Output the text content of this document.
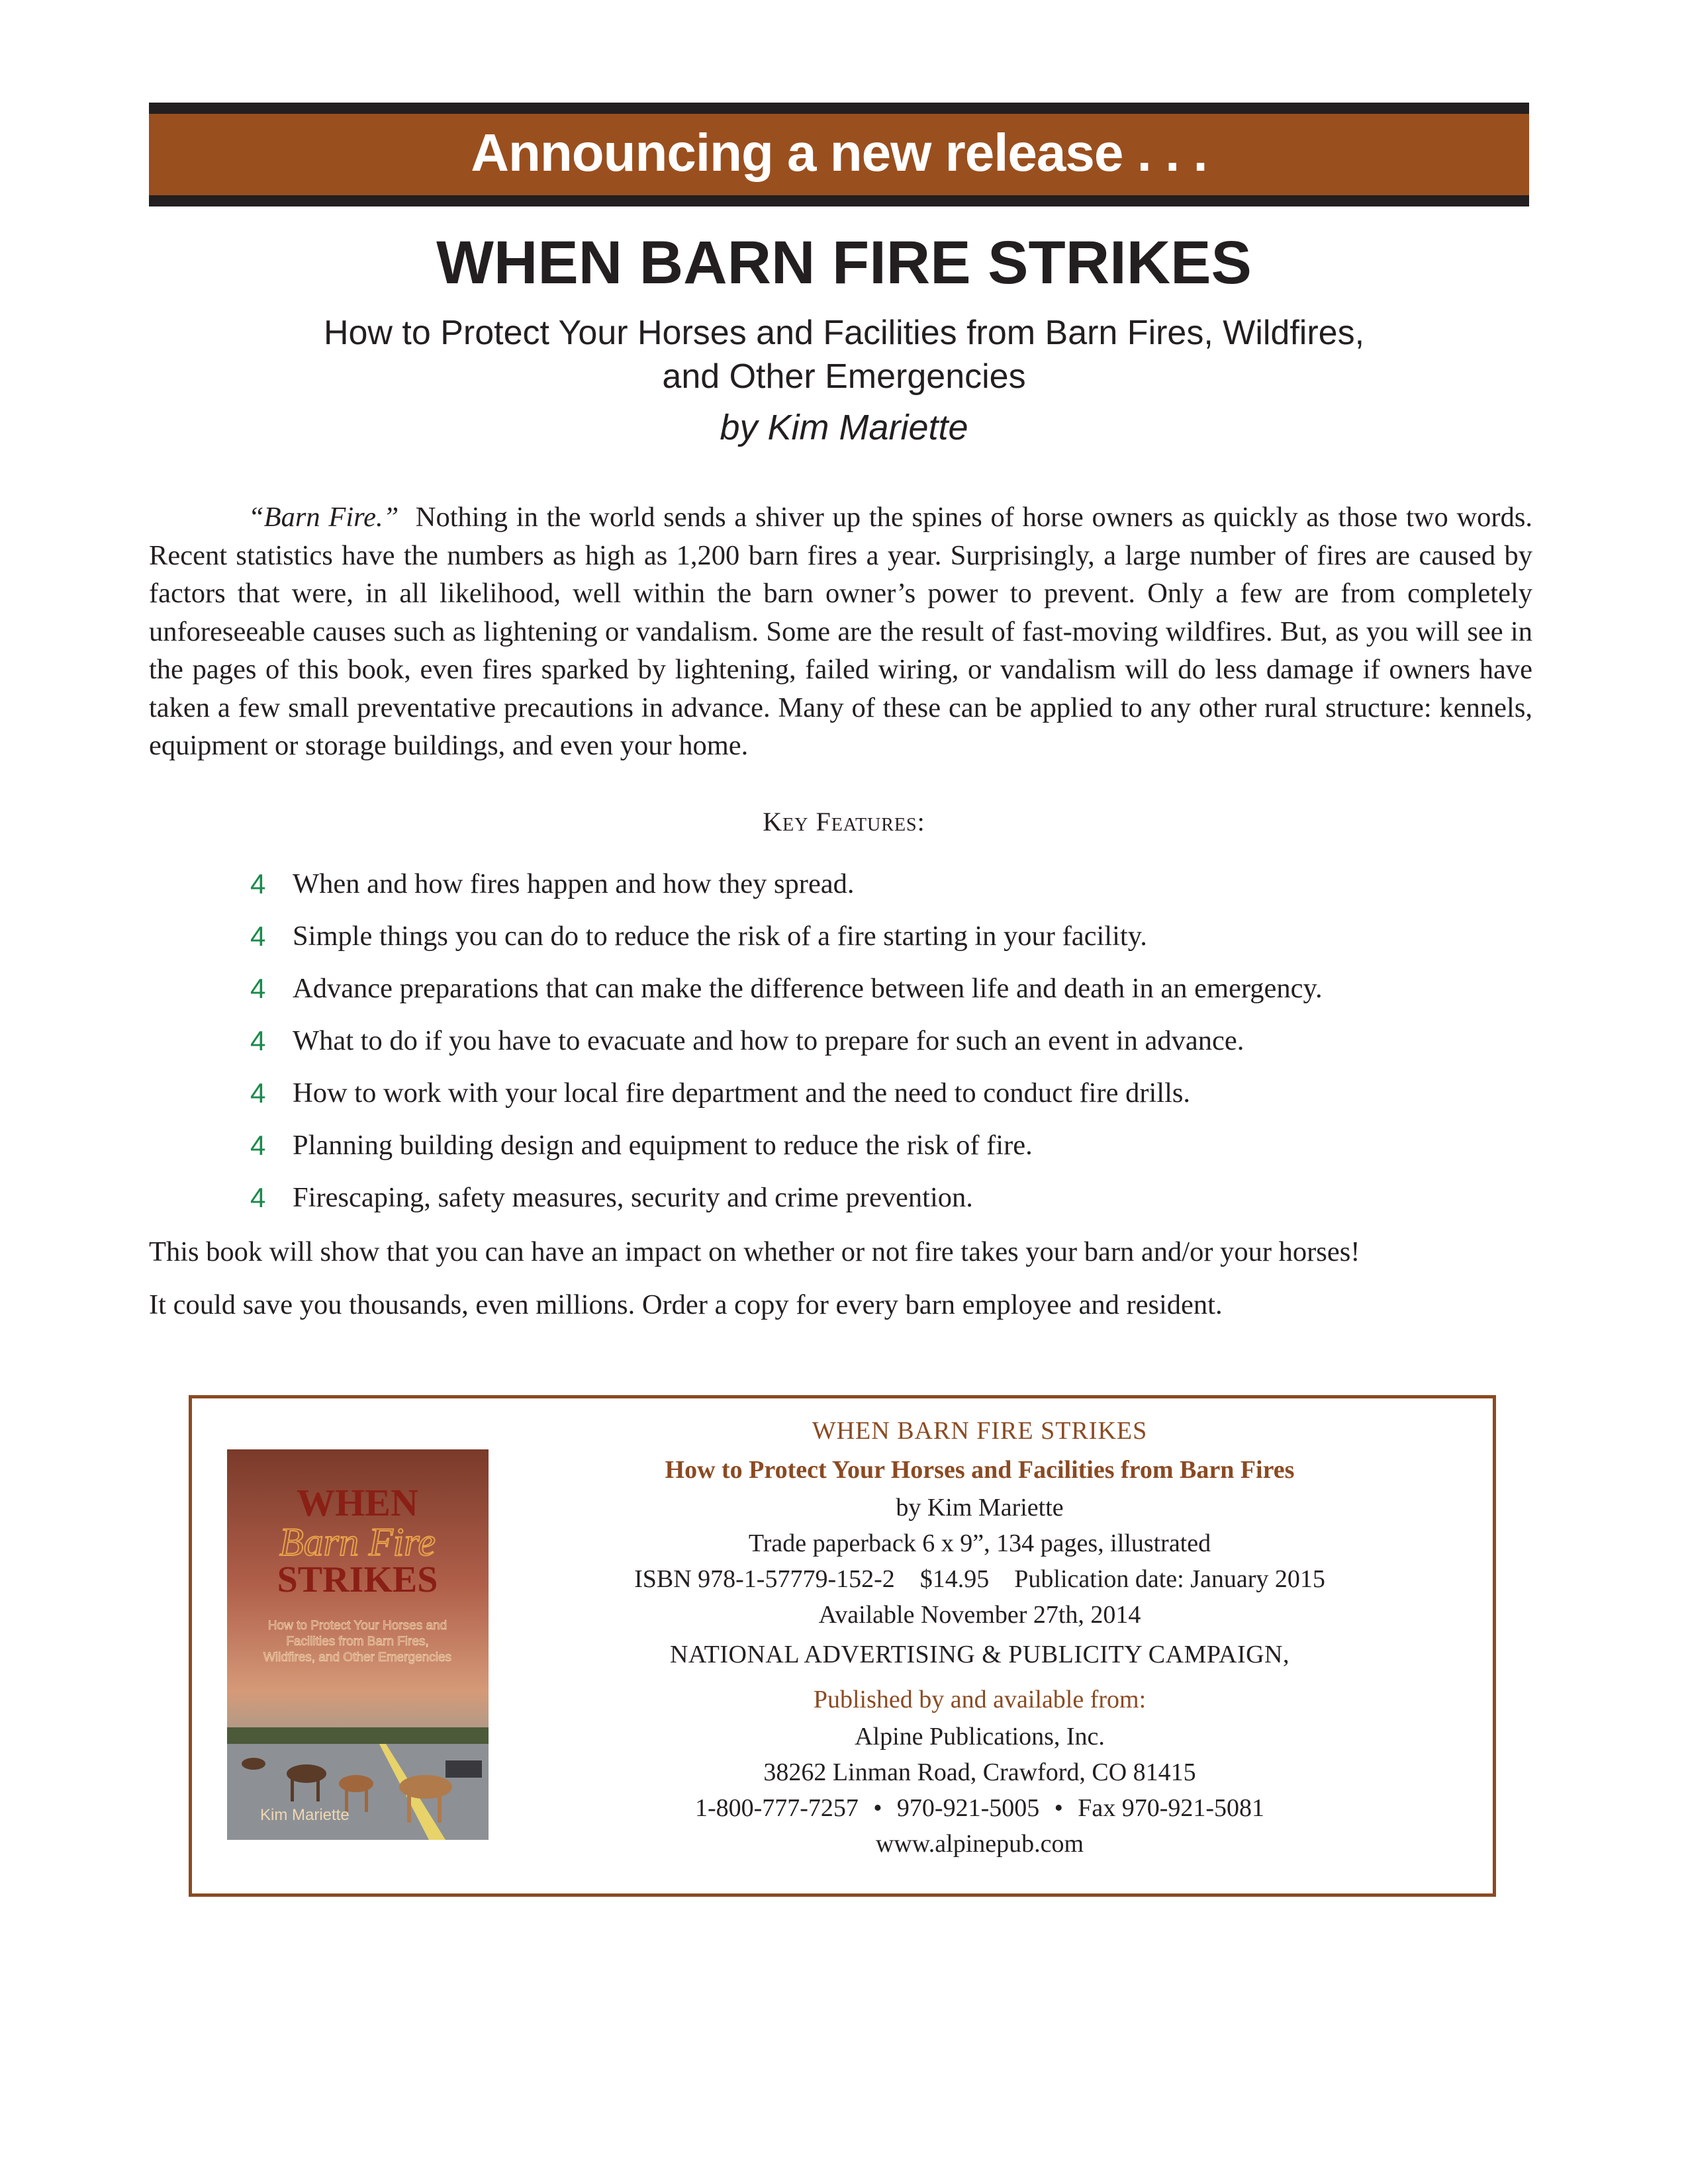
Announcing a new release . . .
WHEN BARN FIRE STRIKES
How to Protect Your Horses and Facilities from Barn Fires, Wildfires,
and Other Emergencies
by Kim Mariette
“Barn Fire.” Nothing in the world sends a shiver up the spines of horse owners as quickly as those two words. Recent statistics have the numbers as high as 1,200 barn fires a year. Surprisingly, a large number of fires are caused by factors that were, in all likelihood, well within the barn owner’s power to prevent. Only a few are from completely unforeseeable causes such as lightening or vandalism. Some are the result of fast-moving wildfires. But, as you will see in the pages of this book, even fires sparked by lightening, failed wiring, or vandalism will do less damage if owners have taken a few small preventative precautions in advance. Many of these can be applied to any other rural structure: kennels, equipment or storage buildings, and even your home.
Key Features:
4 When and how fires happen and how they spread.
4 Simple things you can do to reduce the risk of a fire starting in your facility.
4 Advance preparations that can make the difference between life and death in an emergency.
4 What to do if you have to evacuate and how to prepare for such an event in advance.
4 How to work with your local fire department and the need to conduct fire drills.
4 Planning building design and equipment to reduce the risk of fire.
4 Firescaping, safety measures, security and crime prevention.
This book will show that you can have an impact on whether or not fire takes your barn and/or your horses!
It could save you thousands, even millions. Order a copy for every barn employee and resident.
WHEN
Barn Fire
STRIKES
How to Protect Your Horses and
Facilities from Barn Fires,
Wildfires, and Other Emergencies
Kim Mariette
WHEN BARN FIRE STRIKES
How to Protect Your Horses and Facilities from Barn Fires
by Kim Mariette
Trade paperback 6 x 9”, 134 pages, illustrated
ISBN 978-1-57779-152-2 $14.95 Publication date: January 2015
Available November 27th, 2014
NATIONAL ADVERTISING & PUBLICITY CAMPAIGN,
Published by and available from:
Alpine Publications, Inc.
38262 Linman Road, Crawford, CO 81415
1-800-777-7257 • 970-921-5005 • Fax 970-921-5081
www.alpinepub.com
